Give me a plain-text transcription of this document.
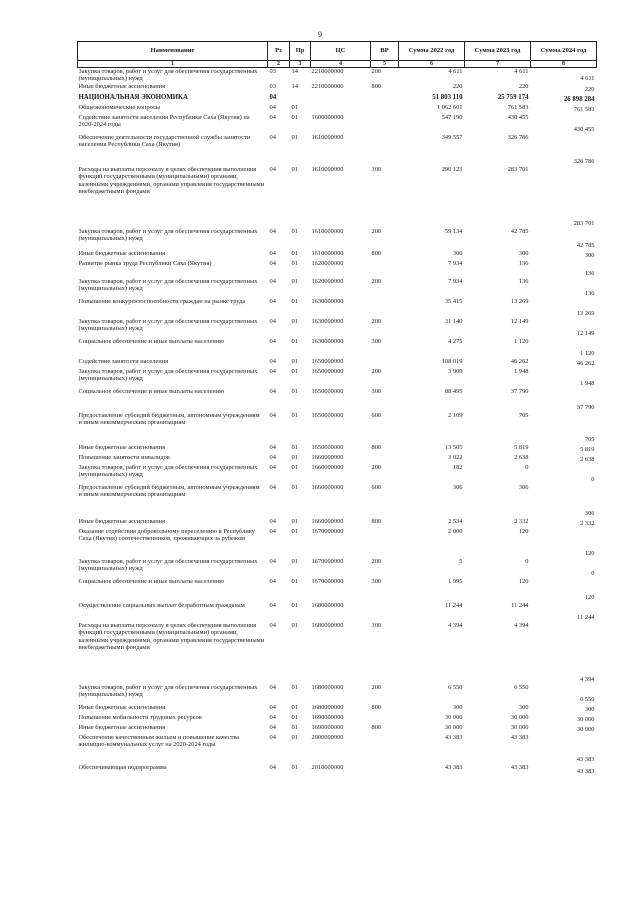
9
Наименование	Рз	Пр	ЦС	ВР	Сумма 2022 год	Сумма 2023 год	Сумма 2024 год
1	2	3	4	5	6	7	8
Закупка товаров, работ и услуг для обеспечения государственных (муниципальных) нужд	03	14	2210000000	200	4 611	4 611	4 611
Иные бюджетные ассигнования	03	14	2210000000	800	220	220	220
НАЦИОНАЛЬНАЯ ЭКОНОМИКА	04				51 803 110	25 759 174	26 898 284
Общеэкономические вопросы	04	01			1 062 601	761 583	761 583
Содействие занятости населения Республики Саха (Якутия) на 2020-2024 годы	04	01	1600000000		547 190	430 455	430 455
Обеспечение деятельности государственной службы занятости населения Республики Саха (Якутия)	04	01	1610000000		349 557	326 786	326 786
Расходы на выплаты персоналу в целях обеспечения выполнения функций государственными (муниципальными) органами, казенными учреждениями, органами управления государственными внебюджетными фондами	04	01	1610000000	100	290 123	283 701	283 701
Закупка товаров, работ и услуг для обеспечения государственных (муниципальных) нужд	04	01	1610000000	200	59 134	42 785	42 785
Иные бюджетные ассигнования	04	01	1610000000	800	300	300	300
Развитие рынка труда Республики Саха (Якутия)	04	01	1620000000		7 934	136	136
Закупка товаров, работ и услуг для обеспечения государственных (муниципальных) нужд	04	01	1620000000	200	7 934	136	136
Повышение конкурентоспособности граждан на рынке труда	04	01	1630000000		35 415	13 269	13 269
Закупка товаров, работ и услуг для обеспечения государственных (муниципальных) нужд	04	01	1630000000	200	31 140	12 149	12 149
Социальное обеспечение и иные выплаты населению	04	01	1630000000	300	4 275	1 120	1 120
Содействие занятости населения	04	01	1650000000		108 019	46 262	46 262
Закупка товаров, работ и услуг для обеспечения государственных (муниципальных) нужд	04	01	1650000000	200	3 909	1 948	1 948
Социальное обеспечение и иные выплаты населению	04	01	1650000000	300	88 495	37 790	37 790
Предоставление субсидий бюджетным, автономным учреждениям и иным некоммерческим организациям	04	01	1650000000	600	2 109	705	705
Иные бюджетные ассигнования	04	01	1650000000	800	13 505	5 819	5 819
Повышение занятости инвалидов	04	01	1660000000		3 022	2 638	2 638
Закупка товаров, работ и услуг для обеспечения государственных (муниципальных) нужд	04	01	1660000000	200	182	0	0
Предоставление субсидий бюджетным, автономным учреждениям и иным некоммерческим организациям	04	01	1660000000	600	306	306	306
Иные бюджетные ассигнования	04	01	1660000000	800	2 534	2 332	2 332
Оказание содействия добровольному переселению в Республику Саха (Якутия) соотечественников, проживающих за рубежом	04	01	1670000000		2 000	120	120
Закупка товаров, работ и услуг для обеспечения государственных (муниципальных) нужд	04	01	1670000000	200	5	0	0
Социальное обеспечение и иные выплаты населению	04	01	1670000000	300	1 995	120	120
Осуществление социальных выплат безработным гражданам	04	01	1680000000		11 244	11 244	11 244
Расходы на выплаты персоналу в целях обеспечения выполнения функций государственными (муниципальными) органами, казенными учреждениями, органами управления государственными внебюджетными фондами	04	01	1680000000	100	4 394	4 394	4 394
Закупка товаров, работ и услуг для обеспечения государственных (муниципальных) нужд	04	01	1680000000	200	6 550	6 550	6 550
Иные бюджетные ассигнования	04	01	1680000000	800	300	300	300
Повышение мобильности трудовых ресурсов	04	01	1690000000		30 000	30 000	30 000
Иные бюджетные ассигнования	04	01	1690000000	800	30 000	30 000	30 000
Обеспечение качественным жильем и повышение качества жилищно-коммунальных услуг на 2020-2024 годы	04	01	2000000000		43 383	43 383	43 383
Обеспечивающая подпрограмма	04	01	2010000000		43 383	43 383	43 383
